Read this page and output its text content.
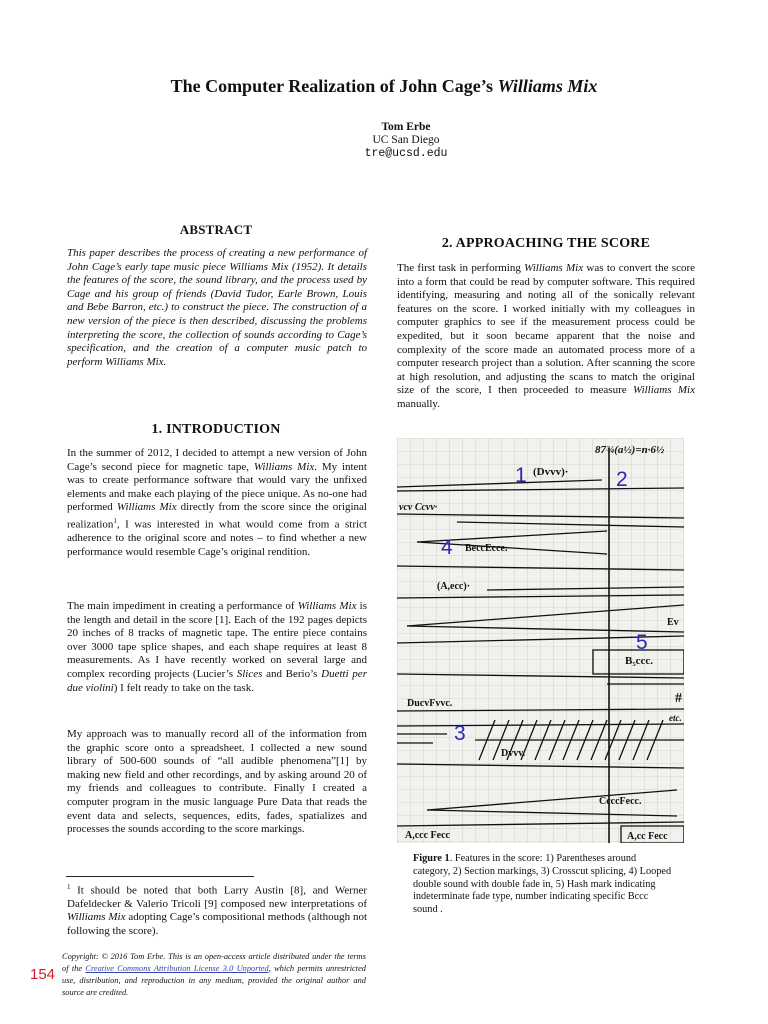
The Computer Realization of John Cage’s Williams Mix
Tom Erbe
UC San Diego
tre@ucsd.edu
ABSTRACT
This paper describes the process of creating a new performance of John Cage’s early tape music piece Williams Mix (1952). It details the features of the score, the sound library, and the process used by Cage and his group of friends (David Tudor, Earle Brown, Louis and Bebe Barron, etc.) to construct the piece. The construction of a new version of the piece is then described, discussing the problems interpreting the score, the collection of sounds according to Cage’s specification, and the creation of a computer music patch to perform Williams Mix.
1. INTRODUCTION
In the summer of 2012, I decided to attempt a new version of John Cage’s second piece for magnetic tape, Williams Mix. My intent was to create performance software that would vary the unfixed elements and make each playing of the piece unique. As no-one had performed Williams Mix directly from the score since the original realization$^1$, I was interested in what would come from a strict adherence to the original score and notes – to find whether a new performance would resemble Cage’s original rendition.
The main impediment in creating a performance of Williams Mix is the length and detail in the score [1]. Each of the 192 pages depicts 20 inches of 8 tracks of magnetic tape. The entire piece contains over 3000 tape splice shapes, and each shape requires at least 8 measurements. As I have recently worked on several large and complex recording projects (Lucier’s Slices and Berio’s Duetti per due violini) I felt ready to take on the task.
My approach was to manually record all of the information from the graphic score onto a spreadsheet. I collected a new sound library of 500-600 sounds of “all audible phenomena”[1] by making new field and other recordings, and by asking around 20 of my friends and colleagues to contribute. Finally I created a computer program in the music language Pure Data that reads the event data and selects, sequences, edits, fades, spatializes and processes the sounds according to the score markings.
$^1$ It should be noted that both Larry Austin [8], and Werner Dafeldecker & Valerio Tricoli [9] composed new interpretations of Williams Mix adopting Cage’s compositional methods (although not following the score).
Copyright: © 2016 Tom Erbe. This is an open-access article distributed under the terms of the Creative Commons Attribution License 3.0 Unported, which permits unrestricted use, distribution, and reproduction in any medium, provided the original author and source are credited.
154
2. APPROACHING THE SCORE
The first task in performing Williams Mix was to convert the score into a form that could be read by computer software. This required identifying, measuring and noting all of the sonically relevant features on the score. I worked initially with my colleagues in computer graphics to see if the measurement process could be expedited, but it soon became apparent that the noise and complexity of the score made an automated process more of a computer research project than a solution. After scanning the score at high resolution, and adjusting the scans to match the original size of the score, I then proceeded to measure Williams Mix manually.
87¾(a½)=n·6½
(Dvvv)·
vcv Ccvv·
BeccEcce.
(A,ecc)·
Ev
B₅ccc.
DucvFvvc.	#
etc.
Dvvv.
CcccFecc.
A,ccc Fecc	A,cc Fecc
1	2
4
5
3
Figure 1. Features in the score: 1) Parentheses around category, 2) Section markings, 3) Crosscut splicing, 4) Looped double sound with double fade in, 5) Hash mark indicating indeterminate fade type, number indicating specific Bccc sound .
